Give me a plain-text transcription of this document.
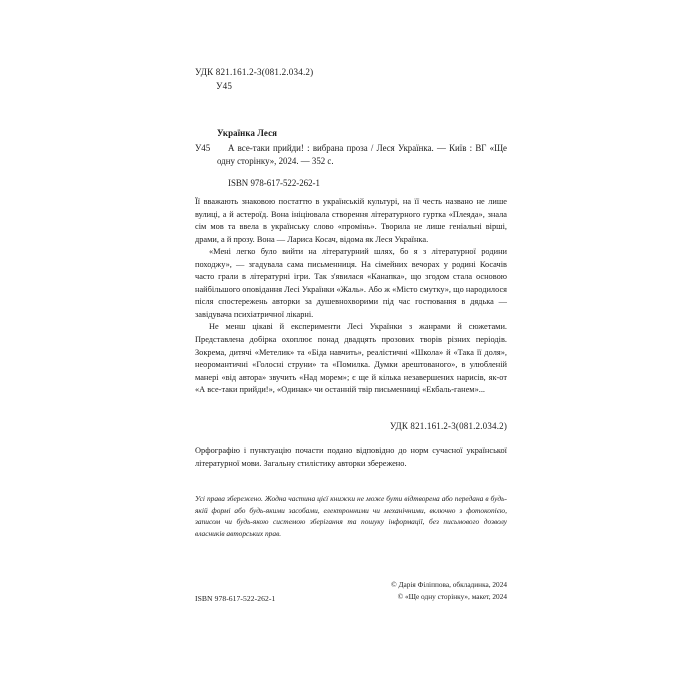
УДК 821.161.2-3(081.2.034.2)
У45
Українка Леся
У45	А все-таки прийди! : вибрана проза / Леся Українка. — Київ : ВГ «Ще одну сторінку», 2024. — 352 с.
ISBN 978-617-522-262-1

Її вважають знаковою постаттю в українській культурі, на її честь названо не лише вулиці, а й астероїд. Вона ініціювала створення літературного гуртка «Плеяда», знала сім мов та ввела в українську слово «промінь». Творила не лише геніальні вірші, драми, а й прозу. Вона — Лариса Косач, відома як Леся Українка.

«Мені легко було вийти на літературний шлях, бо я з літературної родини походжу», — згадувала сама письменниця. На сімейних вечорах у родині Косачів часто грали в літературні ігри. Так з'явилася «Канапка», що згодом стала основою найбільшого оповідання Лесі Українки «Жаль». Або ж «Місто смутку», що народилося після спостережень авторки за душевнохворими під час гостювання в дядька — завідувача психіатричної лікарні.

Не менш цікаві й експерименти Лесі Українки з жанрами й сюжетами. Представлена добірка охоплює понад двадцять прозових творів різних періодів. Зокрема, дитячі «Метелик» та «Біда навчить», реалістичні «Школа» й «Така її доля», неоромантичні «Голосні струни» та «Помилка. Думки арештованого», в улюбленій манері «від автора» звучить «Над морем»; є ще й кілька незавершених нарисів, як-от «А все-таки прийди!», «Одинак» чи останній твір письменниці «Екбаль-ганем»...

УДК 821.161.2-3(081.2.034.2)
Орфографію і пунктуацію почасти подано відповідно до норм сучасної української літературної мови. Загальну стилістику авторки збережено.
Усі права збережено. Жодна частина цієї книжки не може бути відтворена або передана в будь-якій формі або будь-якими засобами, електронними чи механічними, включно з фотокопією, записом чи будь-якою системою зберігання та пошуку інформації, без письмового дозволу власників авторських прав.
© Дарія Філіппова, обкладинка, 2024
© «Ще одну сторінку», макет, 2024
ISBN 978-617-522-262-1
